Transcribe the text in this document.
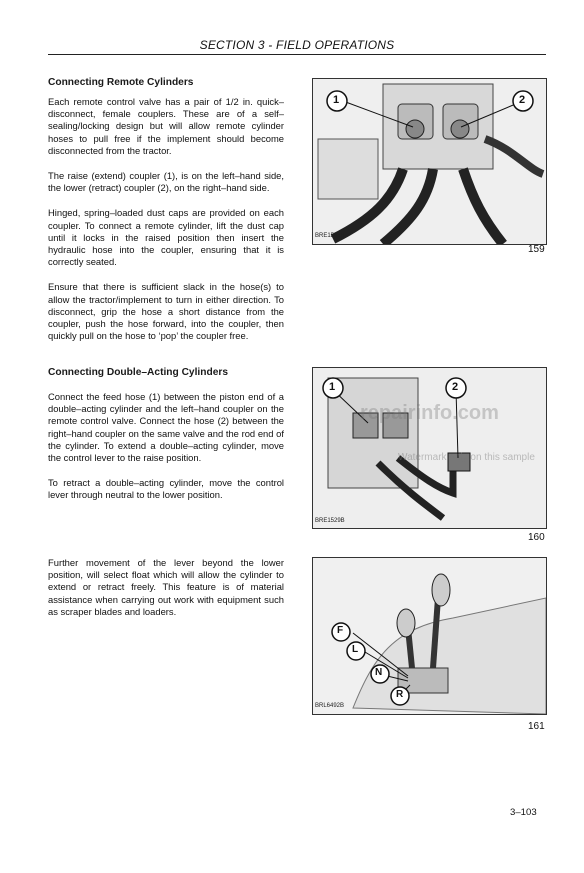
SECTION 3 - FIELD OPERATIONS
Connecting Remote Cylinders

Each remote control valve has a pair of 1/2 in. quick–disconnect, female couplers. These are of a self–sealing/locking design but will allow remote cylinder hoses to pull free if the implement should become disconnected from the tractor.

The raise (extend) coupler (1), is on the left–hand side, the lower (retract) coupler (2), on the right–hand side.

Hinged, spring–loaded dust caps are provided on each coupler. To connect a remote cylinder, lift the dust cap until it locks in the raised position then insert the hydraulic hose into the coupler, ensuring that it is correctly seated.

Ensure that there is sufficient slack in the hose(s) to allow the tractor/implement to turn in either direction. To disconnect, grip the hose a short distance from the coupler, push the hose forward, into the coupler, then quickly pull on the hose to ‘pop’ the coupler free.

Connecting Double–Acting Cylinders

Connect the feed hose (1) between the piston end of a double–acting cylinder and the left–hand coupler on the remote control valve. Connect the hose (2) between the right–hand coupler on the same valve and the rod end of the cylinder. To extend a double–acting cylinder, move the control lever to the raise position.

To retract a double–acting cylinder, move the control lever through neutral to the lower position.

Further movement of the lever beyond the lower position, will select float which will allow the cylinder to extend or retract freely. This feature is of material assistance when carrying out work with equipment such as scraper blades and loaders.

BRE1565B
1	2
159
BRE1529B
1	2
160
repairinfo.com
Watermark only on this sample
BRL6492B
F
L
N
R
161
3–103
